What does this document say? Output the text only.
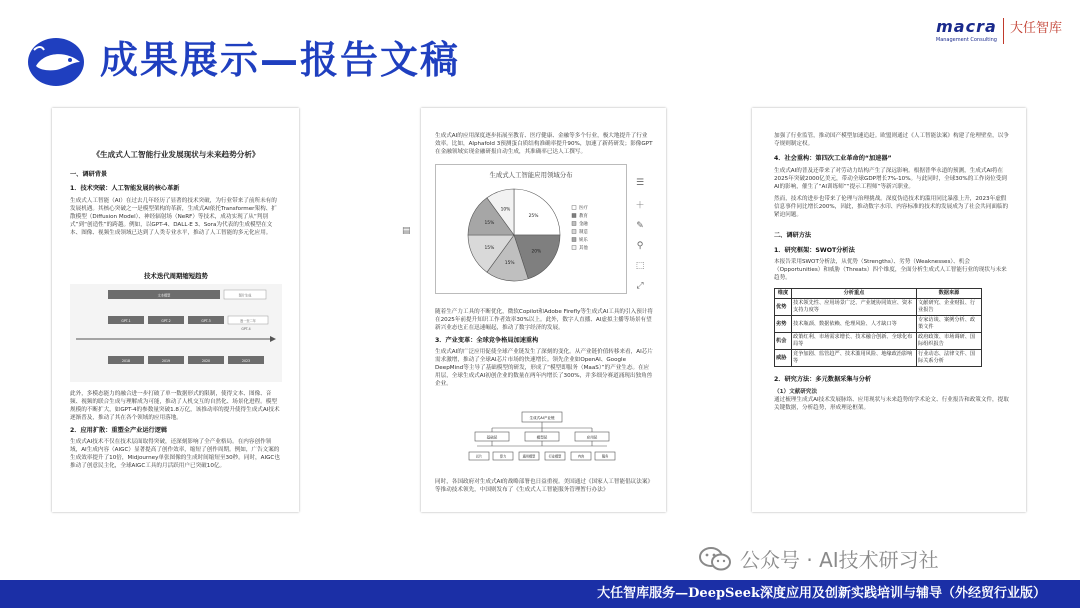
成果展示—报告文稿
macra
Management Consulting
大任智库

《生成式人工智能行业发展现状与未来趋势分析》

一、调研背景

1．技术突破：人工智能发展的核心革新

生成式人工智能（AI）在过去几年经历了显著的技术突破，为行业带来了前所未有的发展机遇。其核心突破之一是模型架构的革新，生成式AI依托Transformer架构、扩散模型（Diffusion Model）、神经辐射场（NeRF）等技术，成功实现了从“判别式”到“创造性”的跨越。例如，以GPT-4、DALL·E 3、Sora为代表的生成模型在文本、图像、视频生成领域已达到了人类专业水平，推动了人工智能的多元化应用。

技术迭代周期缩短趋势

文本模型
GPT-1	GPT-2	GPT-3
2018	2019	2020	2023
图片生成
逐一至二年
GPT-4

此外，多模态能力的融合进一步打破了单一数据形式的限制，使得文本、图像、音频、视频的联合生成与理解成为可能，推动了人机交互的自然化、场景化进程。模型规模的不断扩大，如GPT-4的参数量突破1.8万亿，该推动率的提升使得生成式AI技术逐渐普及，推动了其在各个领域的应用落地。

2．应用扩散：重塑全产业运行逻辑

生成式AI技术不仅在技术层面取得突破，还深刻影响了全产业格局。在内容创作领域，AI生成内容（AIGC）显著提高了创作效率，缩短了创作周期。例如，广告文案的生成效率提升了10倍，Midjourney单张图像的生成时间缩短至30秒。同时，AIGC也推动了创意民主化，全球AIGC工具的月活跃用户已突破10亿。

生成式AI的应用深度逐步拓展至教育、医疗健康、金融等多个行业，极大地提升了行业效率。比如，Alphafold 3预测蛋白质结构准确率提升90%，加速了新药研发；影像GPT在金融领域实现金融研报自动生成，其准确率已达人工撰写。

生成式人工智能应用领域分布

25%
20%
15%
15%
15%
10%	医疗
教育
金融
制造
娱乐
其他
☰
＋
✎
⚲
⬚
⤢

随着生产力工具的不断优化，微软Copilot和Adobe Firefly等生成式AI工具的引入预计将在2025年前提升知识工作者效率30%以上。此外，数字人直播、AI虚拟主播等场景有望新兴业态也正在迅速崛起，推动了数字经济的发展。

3．产业变革：全球竞争格局加速重构

生成式AI的广泛应用促使全球产业链发生了深刻的变化。从产业链价值转移来看，AI芯片需求激增，推动了全球AI芯片市场的快速增长。领先企业如OpenAI、Google DeepMind等主导了基础模型的研发，形成了“模型即服务（MaaS）”的产业生态。在应用层，全球生成式AI初创企业的数量在两年内增长了300%，并多细分赛道涌现出独角兽企业。

生成式AI产业链
基础层	模型层	应用层
芯片	算力	通用模型	行业模型	内容	服务

同时，各国政府对生成式AI的战略部署也日益重视。美国通过《国家人工智能倡议法案》等推动技术领先，中国则发布了《生成式人工智能服务管理暂行办法》

▤

加强了行业监管，推动国产模型加速追赶。欧盟则通过《人工智能法案》构建了伦理壁垒，以争夺规则制定权。

4．社会重构：第四次工业革命的“加速器”

生成式AI的普及还带来了对劳动力结构产生了深远影响。根据普华永道的预测，生成式AI将在2025年突破2000亿美元，带动全球GDP增长7%-10%。与此同时，全球30%的工作岗位受到AI的影响，催生了“AI训练师”“提示工程师”等新兴职业。

然而，技术的进步也带来了伦理与治理挑战。深度伪造技术的滥用同比暴涨上升，2023年虚假信息事件同比增长200%，因此，推动数字水印、内容标准的技术的发展成为了社会共同面临的紧迫问题。

二、调研方法

1．研究框架：SWOT分析法

本报告采用SWOT分析法，从优势（Strengths）、劣势（Weaknesses）、机会（Opportunities）和威胁（Threats）四个维度，全面分析生成式人工智能行业的现状与未来趋势。

维度	分析重点	数据来源
优势	技术领先性、应用场景广泛、产业链协同效应、资本支持力度等	文献研究、企业财报、行业报告
劣势	技术瓶颈、数据依赖、伦理风险、人才缺口等	专家访谈、案例分析、政策文件
机会	政策红利、市场需求增长、技术融合创新、全球化布局等	政府政策、市场调研、国际组织报告
威胁	竞争加剧、监管趋严、技术滥用风险、地缘政治影响等	行业动态、法律文件、国际关系分析

2．研究方法：多元数据采集与分析

（1）文献研究法

通过梳理生成式AI技术发展脉络、应用现状与未来趋势的学术论文、行业报告和政策文件，提取关键数据，分析趋势，形成理论框架。

公众号 · AI技术研习社
大任智库服务—DeepSeek深度应用及创新实践培训与辅导（外经贸行业版）
